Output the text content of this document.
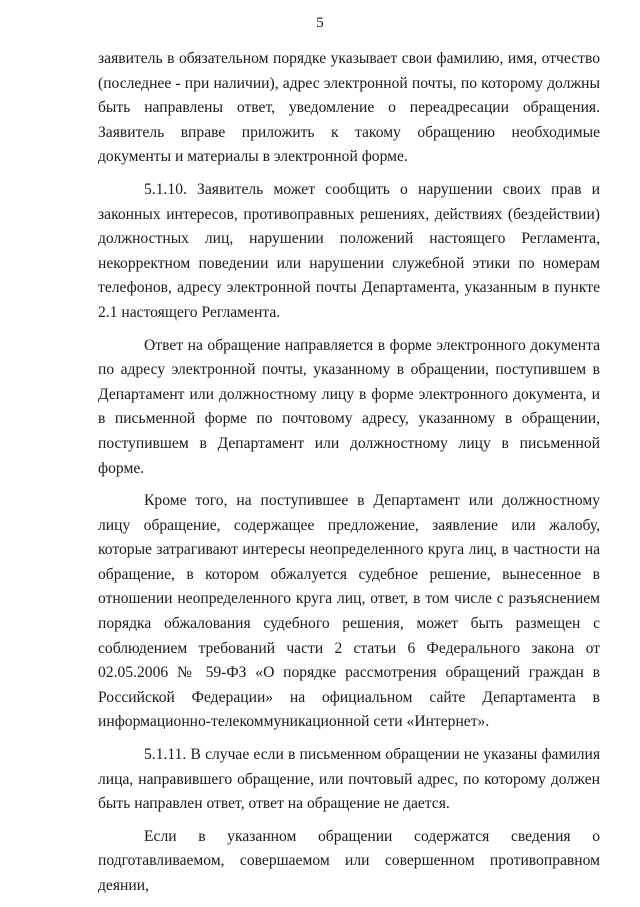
5

заявитель в обязательном порядке указывает свои фамилию, имя, отчество (последнее - при наличии), адрес электронной почты, по которому должны быть направлены ответ, уведомление о переадресации обращения. Заявитель вправе приложить к такому обращению необходимые документы и материалы в электронной форме.

5.1.10. Заявитель может сообщить о нарушении своих прав и законных интересов, противоправных решениях, действиях (бездействии) должностных лиц, нарушении положений настоящего Регламента, некорректном поведении или нарушении служебной этики по номерам телефонов, адресу электронной почты Департамента, указанным в пункте 2.1 настоящего Регламента.

Ответ на обращение направляется в форме электронного документа по адресу электронной почты, указанному в обращении, поступившем в Департамент или должностному лицу в форме электронного документа, и в письменной форме по почтовому адресу, указанному в обращении, поступившем в Департамент или должностному лицу в письменной форме.

Кроме того, на поступившее в Департамент или должностному лицу обращение, содержащее предложение, заявление или жалобу, которые затрагивают интересы неопределенного круга лиц, в частности на обращение, в котором обжалуется судебное решение, вынесенное в отношении неопределенного круга лиц, ответ, в том числе с разъяснением порядка обжалования судебного решения, может быть размещен с соблюдением требований части 2 статьи 6 Федерального закона от 02.05.2006 № 59-ФЗ «О порядке рассмотрения обращений граждан в Российской Федерации» на официальном сайте Департамента в информационно-телекоммуникационной сети «Интернет».

5.1.11. В случае если в письменном обращении не указаны фамилия лица, направившего обращение, или почтовый адрес, по которому должен быть направлен ответ, ответ на обращение не дается.

Если в указанном обращении содержатся сведения о подготавливаемом, совершаемом или совершенном противоправном деянии,
